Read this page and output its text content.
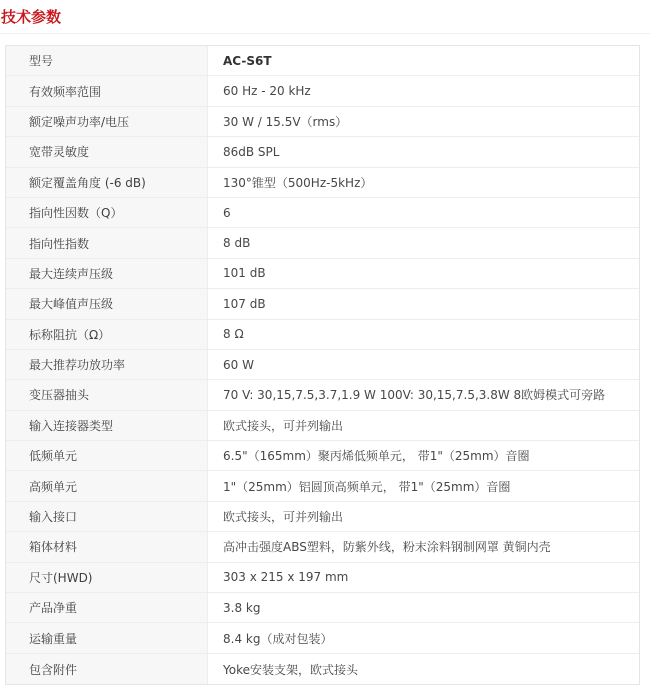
技术参数
型号	AC-S6T
有效频率范围	60 Hz - 20 kHz
额定噪声功率/电压	30 W / 15.5V（rms）
宽带灵敏度	86dB SPL
额定覆盖角度 (-6 dB)	130°锥型（500Hz-5kHz）
指向性因数（Q）	6
指向性指数	8 dB
最大连续声压级	101 dB
最大峰值声压级	107 dB
标称阻抗（Ω）	8 Ω
最大推荐功放功率	60 W
变压器抽头	70 V: 30,15,7.5,3.7,1.9 W 100V: 30,15,7.5,3.8W 8欧姆模式可旁路
输入连接器类型	欧式接头，可并列输出
低频单元	6.5"（165mm）聚丙烯低频单元， 带1"（25mm）音圈
高频单元	1"（25mm）铝圆顶高频单元， 带1"（25mm）音圈
输入接口	欧式接头，可并列输出
箱体材料	高冲击强度ABS塑料，防紫外线，粉末涂料钢制网罩 黄铜内壳
尺寸(HWD)	303 x 215 x 197 mm
产品净重	3.8 kg
运输重量	8.4 kg（成对包装）
包含附件	Yoke安装支架，欧式接头
